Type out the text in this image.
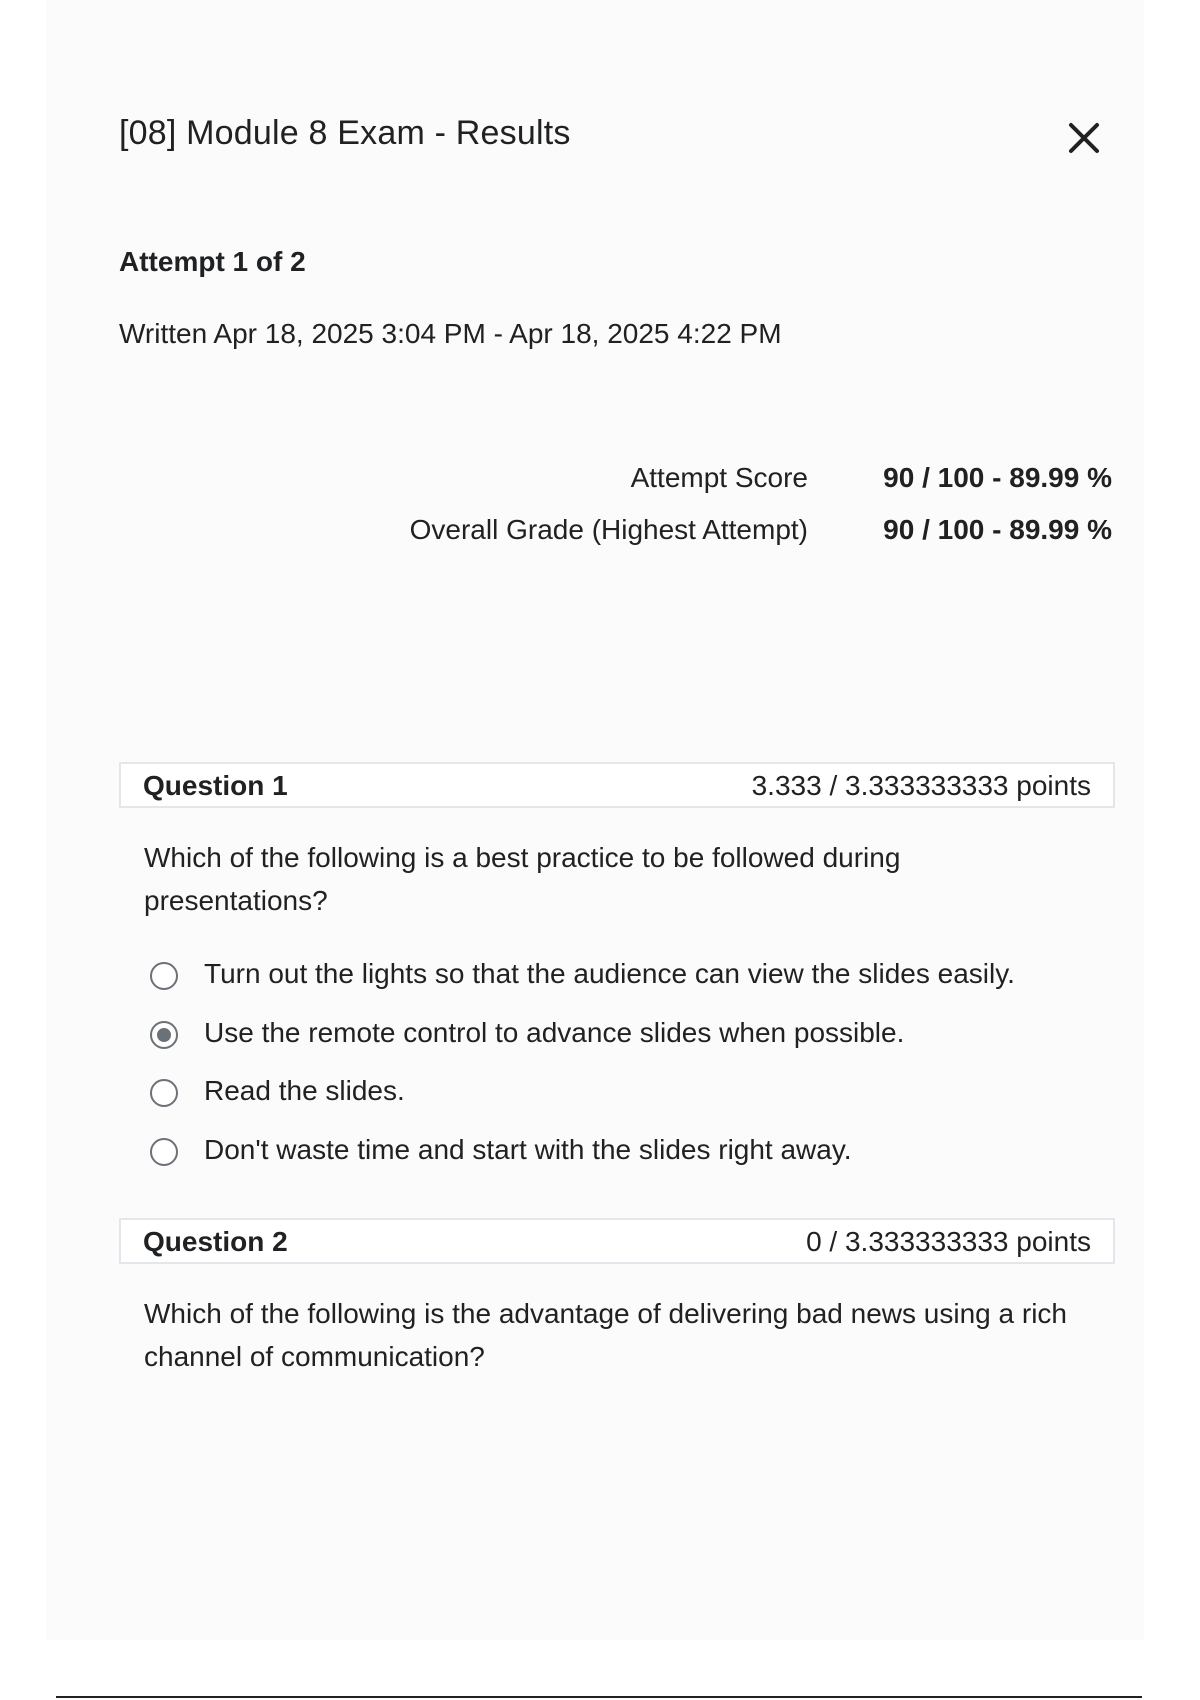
[08] Module 8 Exam - Results
Attempt 1 of 2
Written Apr 18, 2025 3:04 PM - Apr 18, 2025 4:22 PM
Attempt Score	90 / 100 - 89.99 %
Overall Grade (Highest Attempt)	90 / 100 - 89.99 %
Question 1	3.333 / 3.333333333 points
Which of the following is a best practice to be followed during presentations?
Turn out the lights so that the audience can view the slides easily.
Use the remote control to advance slides when possible.
Read the slides.
Don't waste time and start with the slides right away.
Question 2	0 / 3.333333333 points
Which of the following is the advantage of delivering bad news using a rich channel of communication?
